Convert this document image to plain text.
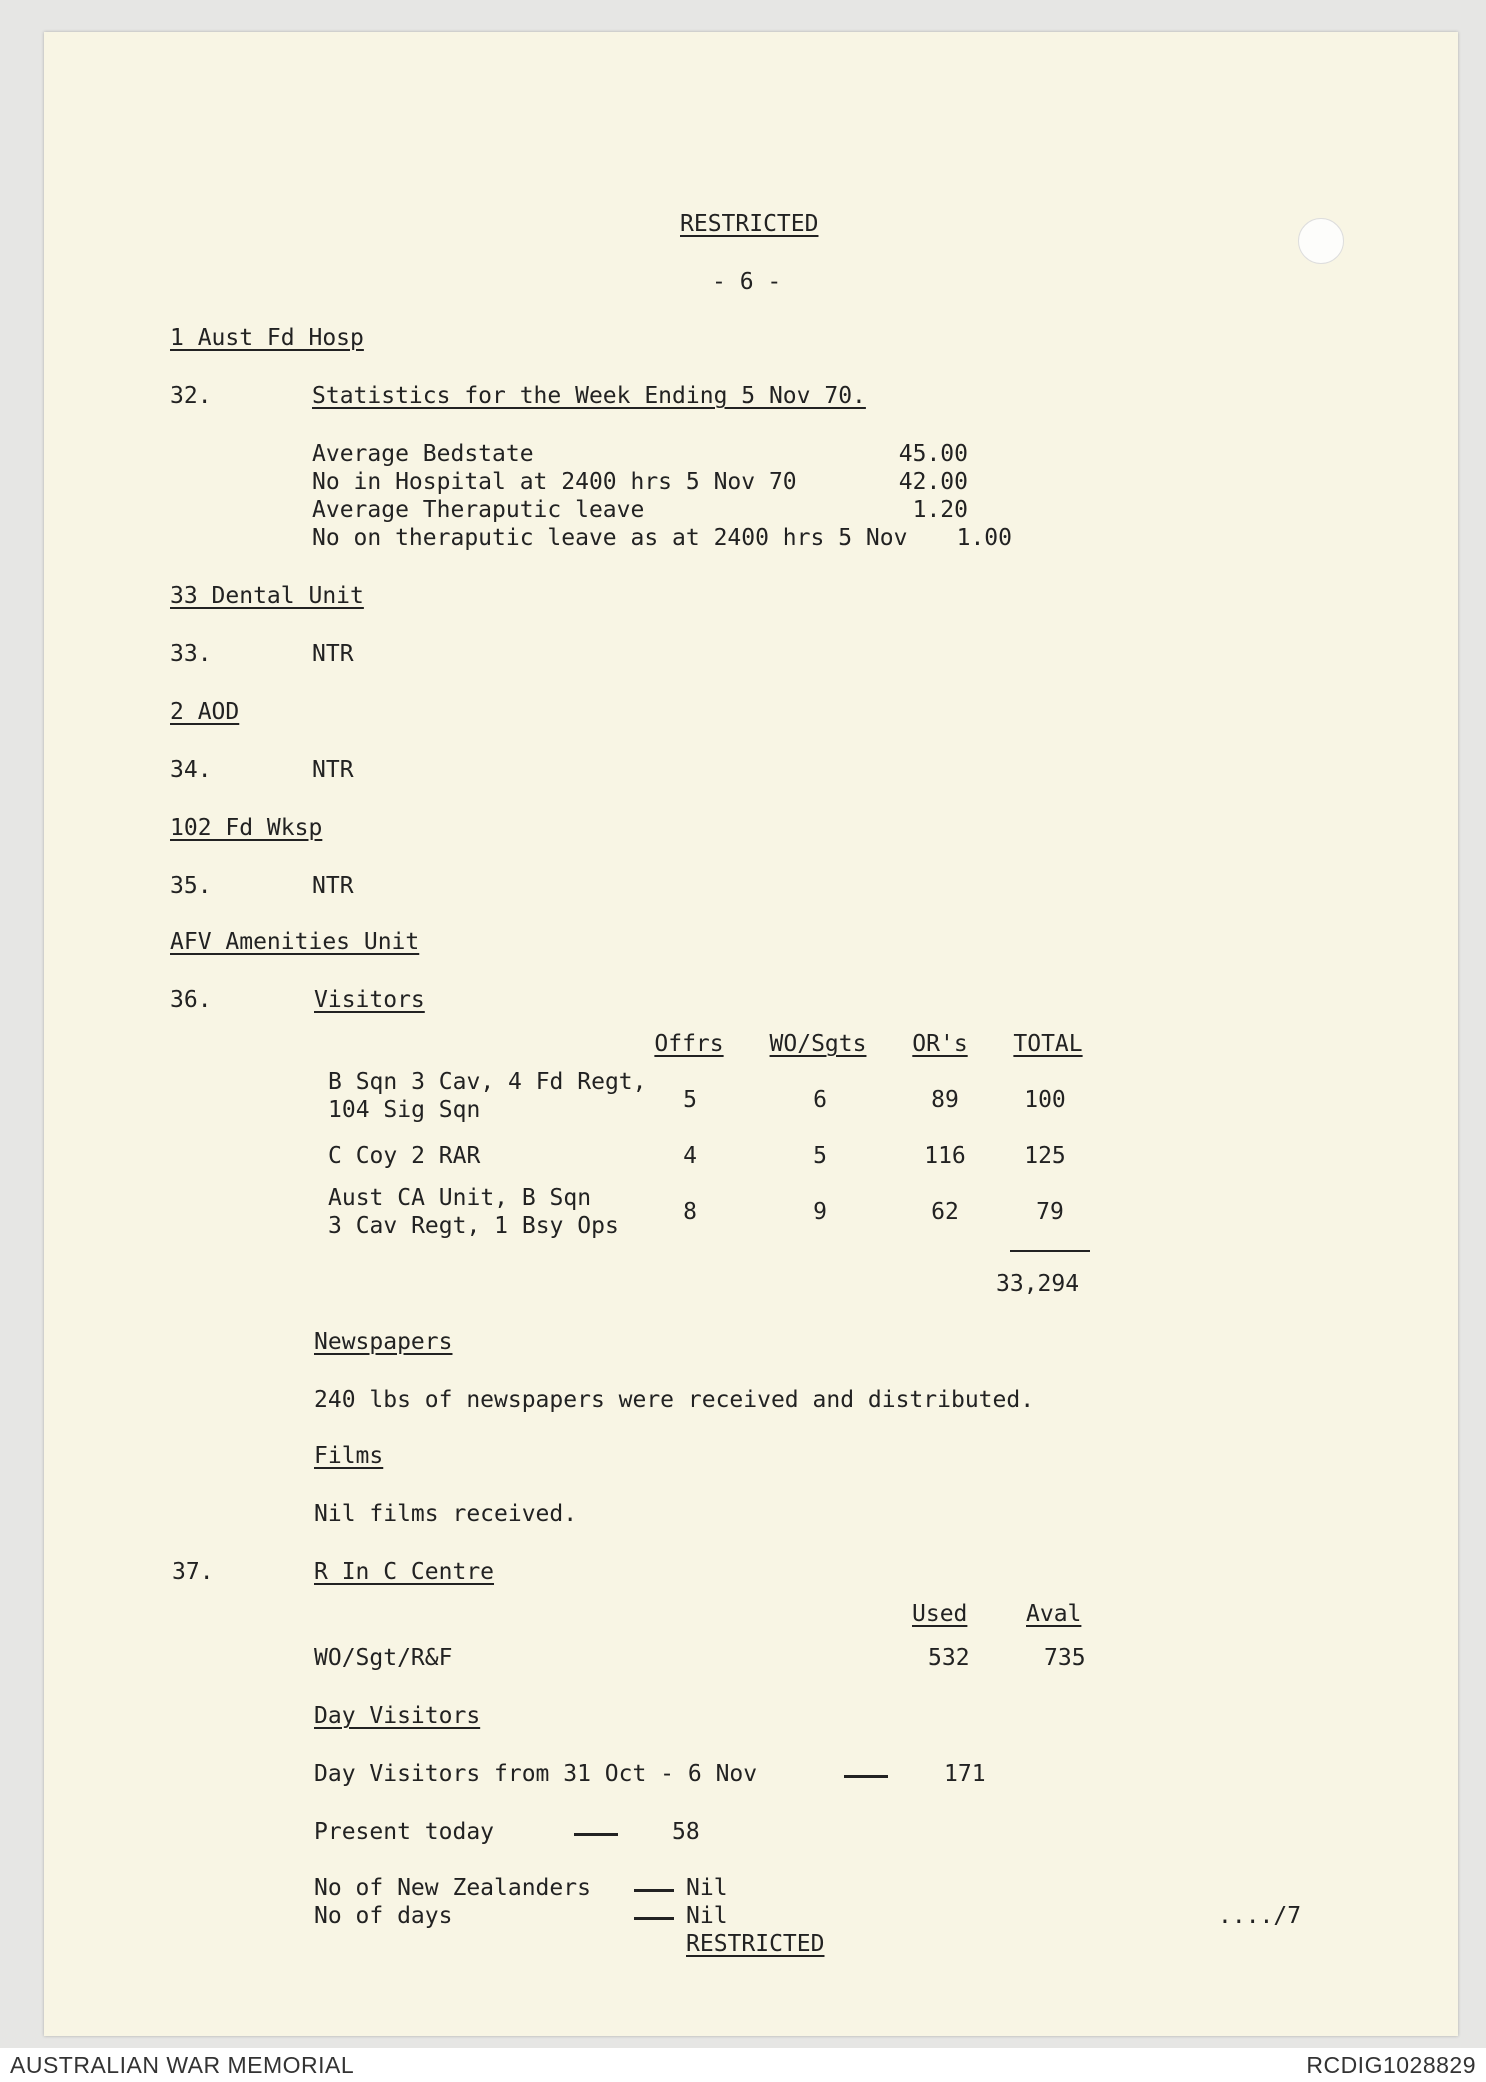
RESTRICTED
- 6 -
1 Aust Fd Hosp
32.	Statistics for the Week Ending 5 Nov 70.
Average Bedstate	45.00
No in Hospital at 2400 hrs 5 Nov 70	42.00
Average Theraputic leave	1.20
No on theraputic leave as at 2400 hrs 5 Nov	1.00
33 Dental Unit
33.	NTR
2 AOD
34.	NTR
102 Fd Wksp
35.	NTR
AFV Amenities Unit
36.	Visitors
Offrs	WO/Sgts	OR's	TOTAL
B Sqn 3 Cav, 4 Fd Regt,
104 Sig Sqn	5	6	89	100
C Coy 2 RAR	4	5	116	125
Aust CA Unit, B Sqn
3 Cav Regt, 1 Bsy Ops
8	9	62	79
33,294
Newspapers
240 lbs of newspapers were received and distributed.
Films
Nil films received.
37.	R In C Centre
Used	Aval
WO/Sgt/R&F	532	735
Day Visitors
Day Visitors from 31 Oct - 6 Nov	171
Present today	58
No of New Zealanders	Nil
No of days	Nil	..../7
RESTRICTED
AUSTRALIAN WAR MEMORIAL	RCDIG1028829
